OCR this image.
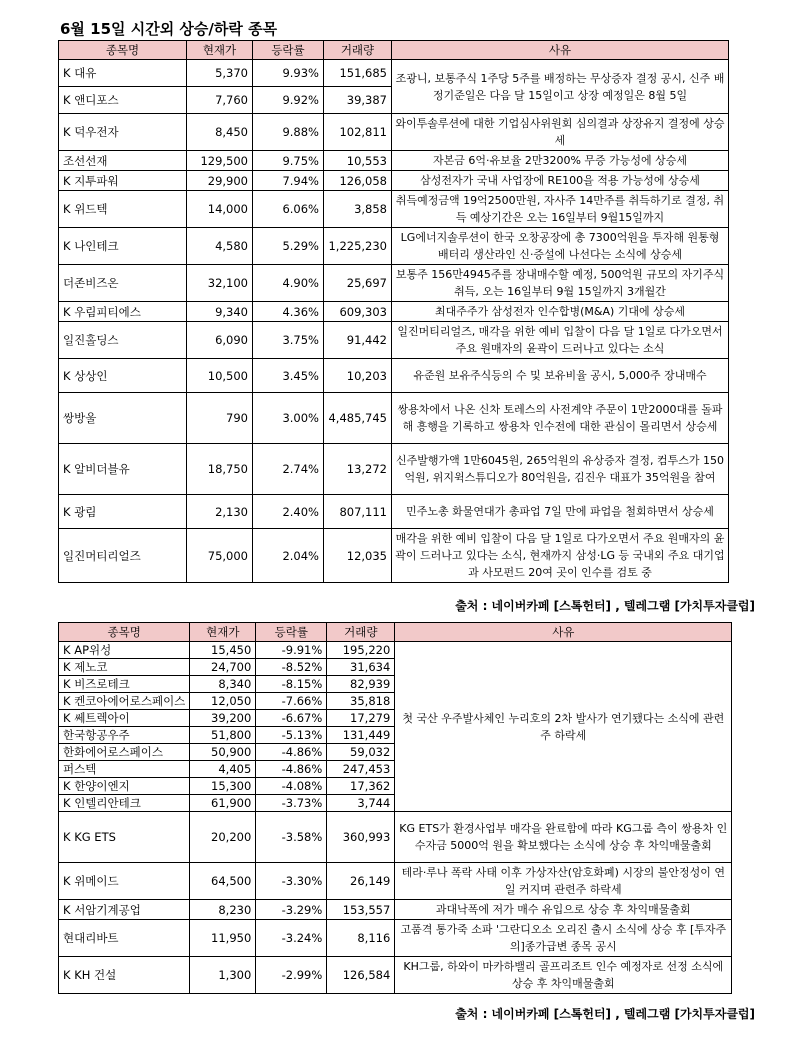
6월 15일 시간외 상승/하락 종목
종목명	현재가	등락률	거래량	사유
K 대유	5,370	9.93%	151,685	조광니, 보통주식 1주당 5주를 배정하는 무상증자 결정 공시, 신주 배정기준일은 다음 달 15일이고 상장 예정일은 8월 5일
K 앤디포스	7,760	9.92%	39,387	
K 덕우전자	8,450	9.88%	102,811	와이투솔루션에 대한 기업심사위원회 심의결과 상장유지 결정에 상승세
조선선재	129,500	9.75%	10,553	자본금 6억·유보율 2만3200% 무증 가능성에 상승세
K 지투파워	29,900	7.94%	126,058	삼성전자가 국내 사업장에 RE100을 적용 가능성에 상승세
K 위드텍	14,000	6.06%	3,858	취득예정금액 19억2500만원, 자사주 14만주를 취득하기로 결정, 취득 예상기간은 오는 16일부터 9월15일까지
K 나인테크	4,580	5.29%	1,225,230	LG에너지솔루션이 한국 오창공장에 총 7300억원을 투자해 원통형 배터리 생산라인 신·증설에 나선다는 소식에 상승세
더존비즈온	32,100	4.90%	25,697	보통주 156만4945주를 장내매수할 예정, 500억원 규모의 자기주식 취득, 오는 16일부터 9월 15일까지 3개월간
K 우림피티에스	9,340	4.36%	609,303	최대주주가 삼성전자 인수합병(M&A) 기대에 상승세
일진홀딩스	6,090	3.75%	91,442	일진머티리얼즈, 매각을 위한 예비 입찰이 다음 달 1일로 다가오면서 주요 원매자의 윤곽이 드러나고 있다는 소식
K 상상인	10,500	3.45%	10,203	유준원 보유주식등의 수 및 보유비율 공시, 5,000주 장내매수
쌍방울	790	3.00%	4,485,745	쌍용차에서 나온 신차 토레스의 사전계약 주문이 1만2000대를 돌파해 흥행을 기록하고 쌍용차 인수전에 대한 관심이 몰리면서 상승세
K 알비더블유	18,750	2.74%	13,272	신주발행가액 1만6045원, 265억원의 유상증자 결정, 컴투스가 150억원, 위지윅스튜디오가 80억원을, 김진우 대표가 35억원을 참여
K 광림	2,130	2.40%	807,111	민주노총 화물연대가 총파업 7일 만에 파업을 철회하면서 상승세
일진머티리얼즈	75,000	2.04%	12,035	매각을 위한 예비 입찰이 다음 달 1일로 다가오면서 주요 원매자의 윤곽이 드러나고 있다는 소식, 현재까지 삼성·LG 등 국내외 주요 대기업과 사모펀드 20여 곳이 인수를 검토 중
출처 : 네이버카페 [스톡헌터] , 텔레그램 [가치투자클럽]
종목명	현재가	등락률	거래량	사유
K AP위성	15,450	-9.91%	195,220	첫 국산 우주발사체인 누리호의 2차 발사가 연기됐다는 소식에 관련주 하락세
K 제노코	24,700	-8.52%	31,634	
K 비즈로테크	8,340	-8.15%	82,939	
K 켄코아에어로스페이스	12,050	-7.66%	35,818	
K 쎄트렉아이	39,200	-6.67%	17,279	
한국항공우주	51,800	-5.13%	131,449	
한화에어로스페이스	50,900	-4.86%	59,032	
퍼스텍	4,405	-4.86%	247,453	
K 한양이엔지	15,300	-4.08%	17,362	
K 인텔리안테크	61,900	-3.73%	3,744	
K KG ETS	20,200	-3.58%	360,993	KG ETS가 환경사업부 매각을 완료함에 따라 KG그룹 측이 쌍용차 인수자금 5000억 원을 확보했다는 소식에 상승 후 차익매물출회
K 위메이드	64,500	-3.30%	26,149	테라·루나 폭락 사태 이후 가상자산(암호화폐) 시장의 불안정성이 연일 커지며 관련주 하락세
K 서암기계공업	8,230	-3.29%	153,557	과대낙폭에 저가 매수 유입으로 상승 후 차익매물출회
현대리바트	11,950	-3.24%	8,116	고품격 통가죽 소파 '그란디오소 오리진 출시 소식에 상승 후 [투자주의]종가급변 종목 공시
K KH 건설	1,300	-2.99%	126,584	KH그룹, 하와이 마카하밸리 골프리조트 인수 예정자로 선정 소식에 상승 후 차익매물출회
출처 : 네이버카페 [스톡헌터] , 텔레그램 [가치투자클럽]
